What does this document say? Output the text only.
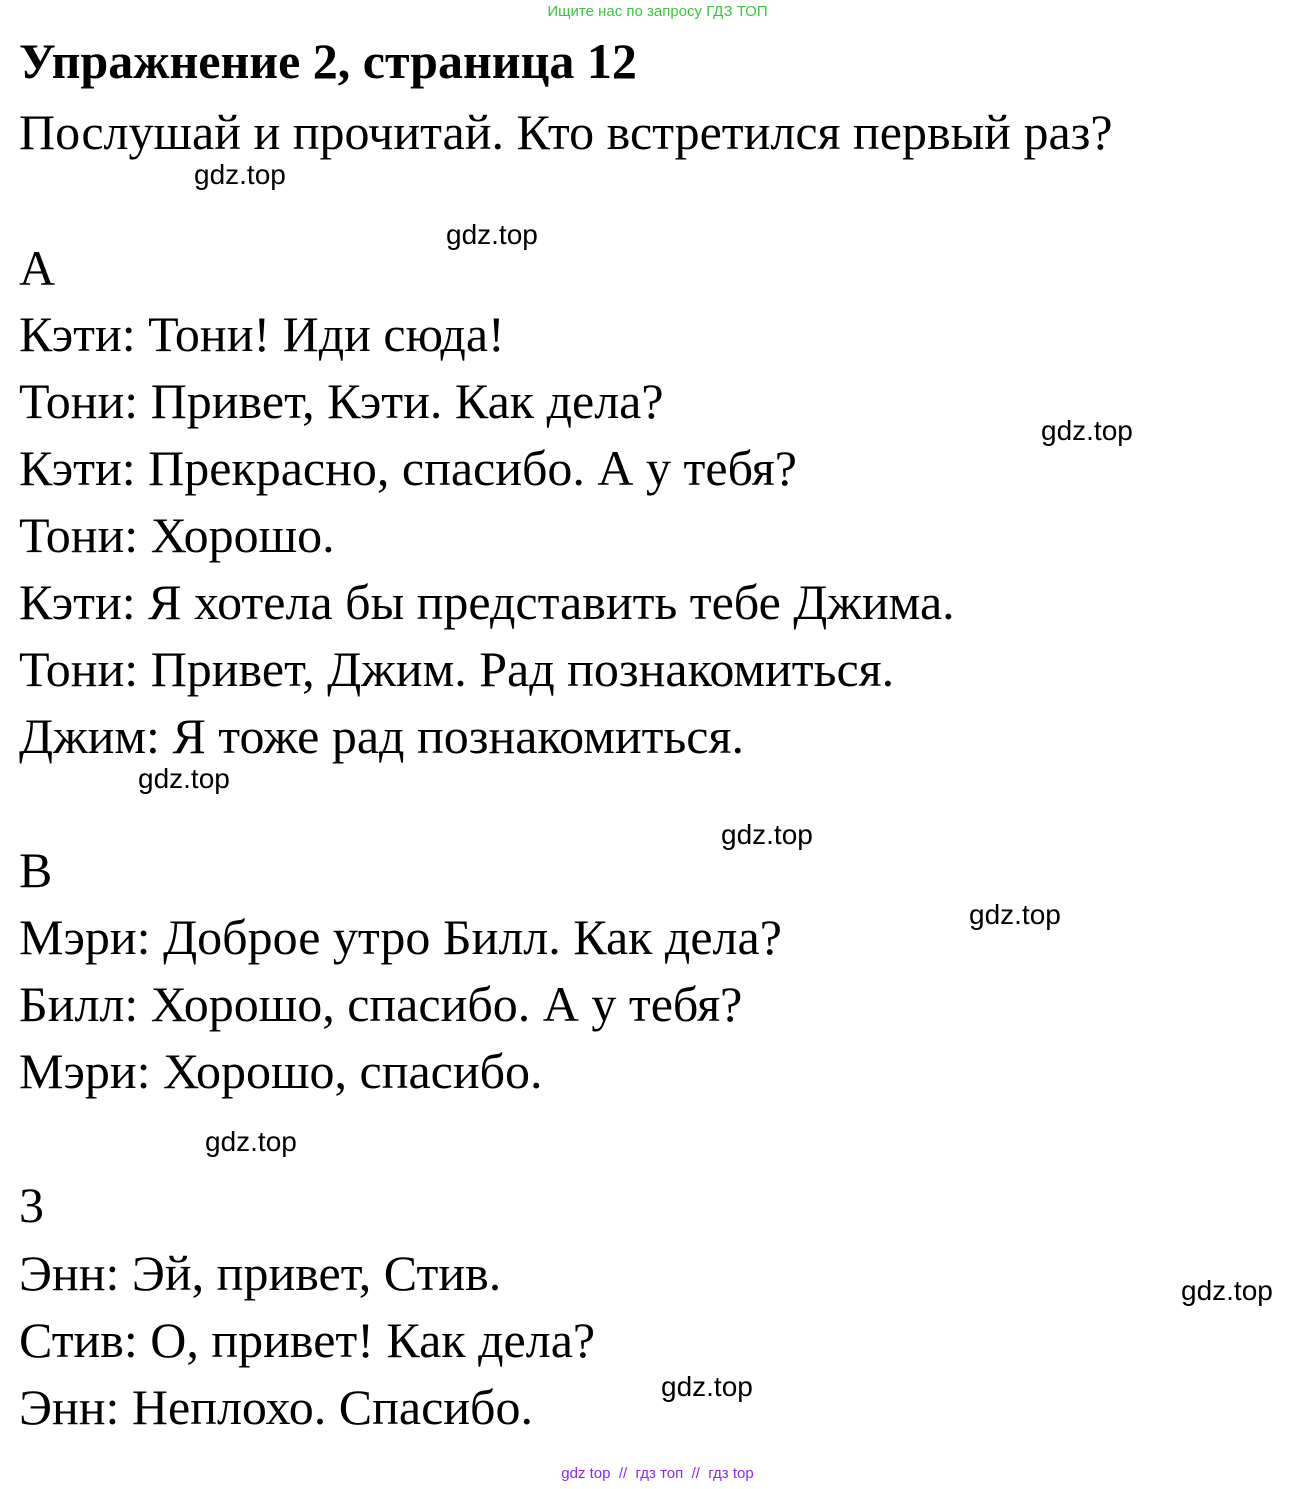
Ищите нас по запросу ГДЗ ТОП
Упражнение 2, страница 12
Послушай и прочитай. Кто встретился первый раз?
A
Кэти: Тони! Иди сюда!
Тони: Привет, Кэти. Как дела?
Кэти: Прекрасно, спасибо. А у тебя?
Тони: Хорошо.
Кэти: Я хотела бы представить тебе Джима.
Тони: Привет, Джим. Рад познакомиться.
Джим: Я тоже рад познакомиться.
B
Мэри: Доброе утро Билл. Как дела?
Билл: Хорошо, спасибо. А у тебя?
Мэри: Хорошо, спасибо.
3
Энн: Эй, привет, Стив.
Стив: О, привет! Как дела?
Энн: Неплохо. Спасибо.
gdz.top
gdz.top
gdz.top
gdz.top
gdz.top
gdz.top
gdz.top
gdz.top
gdz.top
gdz top  //  гдз топ  //  гдз top
